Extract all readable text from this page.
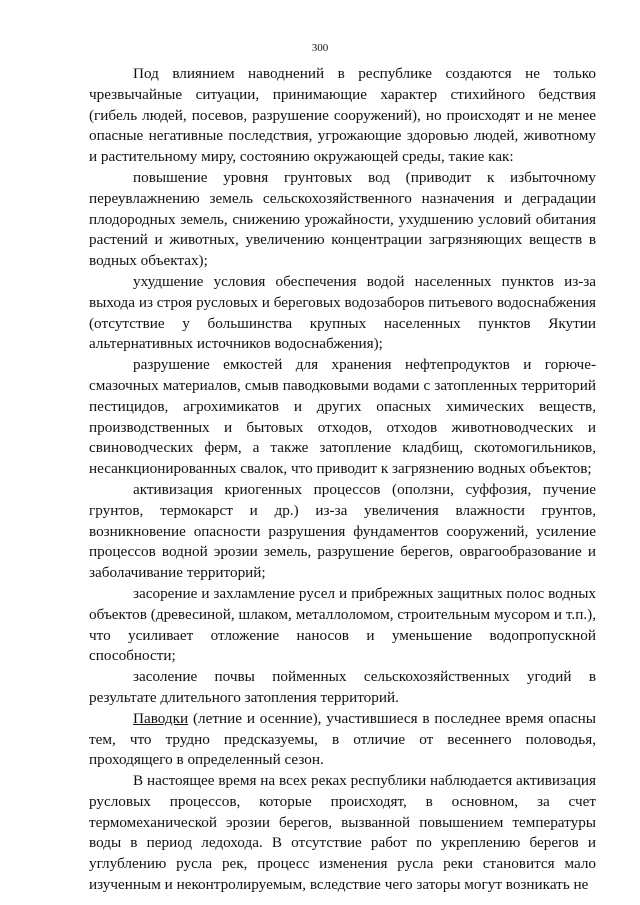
300

Под влиянием наводнений в республике создаются не только чрезвычайные ситуации, принимающие характер стихийного бедствия (гибель людей, посевов, разрушение сооружений), но происходят и не менее опасные негативные последствия, угрожающие здоровью людей, животному и растительному миру, состоянию окружающей среды, такие как:

повышение уровня грунтовых вод (приводит к избыточному переувлажнению земель сельскохозяйственного назначения и деградации плодородных земель, снижению урожайности, ухудшению условий обитания растений и животных, увеличению концентрации загрязняющих веществ в водных объектах);

ухудшение условия обеспечения водой населенных пунктов из-за выхода из строя русловых и береговых водозаборов питьевого водоснабжения (отсутствие у большинства крупных населенных пунктов Якутии альтернативных источников водоснабжения);

разрушение емкостей для хранения нефтепродуктов и горюче-смазочных материалов, смыв паводковыми водами с затопленных территорий пестицидов, агрохимикатов и других опасных химических веществ, производственных и бытовых отходов, отходов животноводческих и свиноводческих ферм, а также затопление кладбищ, скотомогильников, несанкционированных свалок, что приводит к загрязнению водных объектов;

активизация криогенных процессов (оползни, суффозия, пучение грунтов, термокарст и др.) из-за увеличения влажности грунтов, возникновение опасности разрушения фундаментов сооружений, усиление процессов водной эрозии земель, разрушение берегов, оврагообразование и заболачивание территорий;

засорение и захламление русел и прибрежных защитных полос водных объектов (древесиной, шлаком, металлоломом, строительным мусором и т.п.), что усиливает отложение наносов и уменьшение водопропускной способности;

засоление почвы пойменных сельскохозяйственных угодий в результате длительного затопления территорий.

Паводки (летние и осенние), участившиеся в последнее время опасны тем, что трудно предсказуемы, в отличие от весеннего половодья, проходящего в определенный сезон.

В настоящее время на всех реках республики наблюдается активизация русловых процессов, которые происходят, в основном, за счет термомеханической эрозии берегов, вызванной повышением температуры воды в период ледохода. В отсутствие работ по укреплению берегов и углублению русла рек, процесс изменения русла реки становится мало изученным и неконтролируемым, вследствие чего заторы могут возникать не
